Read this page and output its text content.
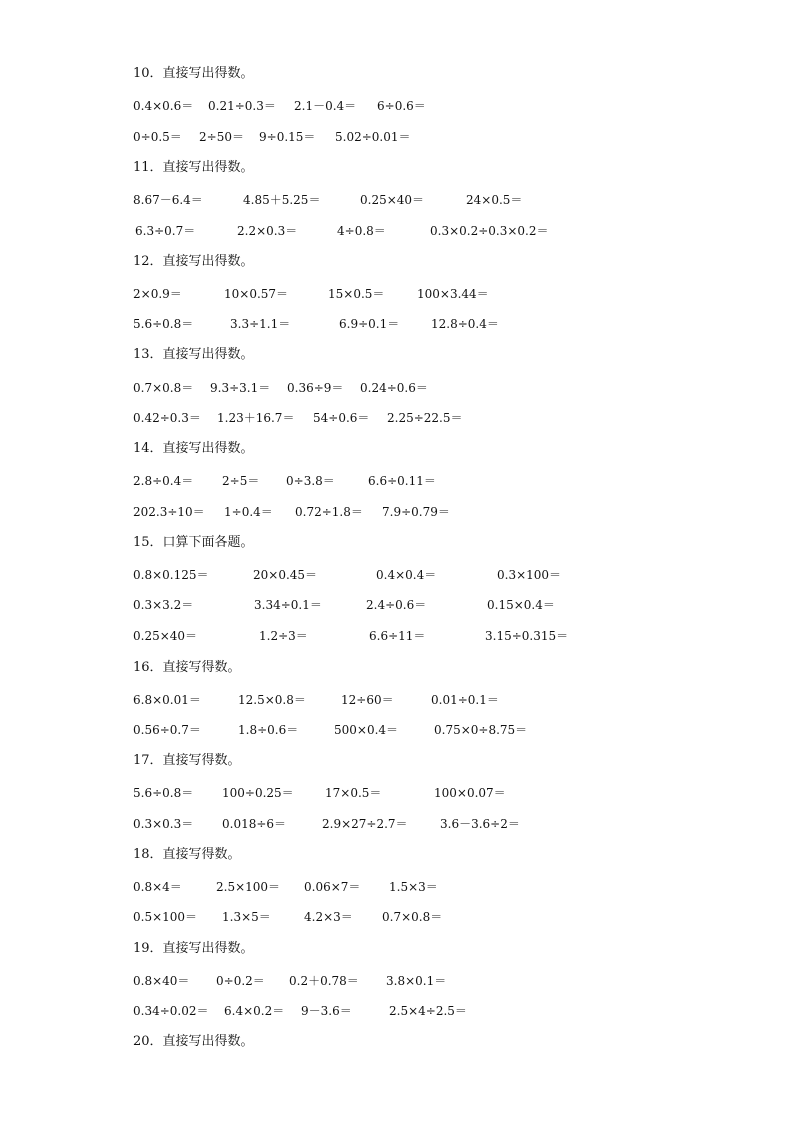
10．直接写出得数。
0.4×0.6＝ 0.21÷0.3＝ 2.1－0.4＝ 6÷0.6＝
0÷0.5＝ 2÷50＝ 9÷0.15＝ 5.02÷0.01＝
11．直接写出得数。
8.67－6.4＝	4.85＋5.25＝	0.25×40＝	24×0.5＝
6.3÷0.7＝	2.2×0.3＝	4÷0.8＝	0.3×0.2÷0.3×0.2＝
12．直接写出得数。
2×0.9＝	10×0.57＝	15×0.5＝	100×3.44＝
5.6÷0.8＝	3.3÷1.1＝	6.9÷0.1＝	12.8÷0.4＝
13．直接写出得数。
0.7×0.8＝ 9.3÷3.1＝ 0.36÷9＝ 0.24÷0.6＝
0.42÷0.3＝ 1.23＋16.7＝ 54÷0.6＝ 2.25÷22.5＝
14．直接写出得数。
2.8÷0.4＝ 2÷5＝ 0÷3.8＝	6.6÷0.11＝
202.3÷10＝ 1÷0.4＝ 0.72÷1.8＝ 7.9÷0.79＝
15．口算下面各题。
0.8×0.125＝	20×0.45＝	0.4×0.4＝	0.3×100＝
0.3×3.2＝	3.34÷0.1＝	2.4÷0.6＝	0.15×0.4＝
0.25×40＝	1.2÷3＝	6.6÷11＝	3.15÷0.315＝
16．直接写得数。
6.8×0.01＝	12.5×0.8＝	12÷60＝	0.01÷0.1＝
0.56÷0.7＝	1.8÷0.6＝	500×0.4＝	0.75×0÷8.75＝
17．直接写得数。
5.6÷0.8＝ 100÷0.25＝	17×0.5＝	100×0.07＝
0.3×0.3＝ 0.018÷6＝	2.9×27÷2.7＝	3.6－3.6÷2＝
18．直接写得数。
0.8×4＝	2.5×100＝ 0.06×7＝ 1.5×3＝
0.5×100＝ 1.3×5＝	4.2×3＝ 0.7×0.8＝
19．直接写出得数。
0.8×40＝ 0÷0.2＝ 0.2＋0.78＝ 3.8×0.1＝
0.34÷0.02＝ 6.4×0.2＝ 9－3.6＝	2.5×4÷2.5＝
20．直接写出得数。
